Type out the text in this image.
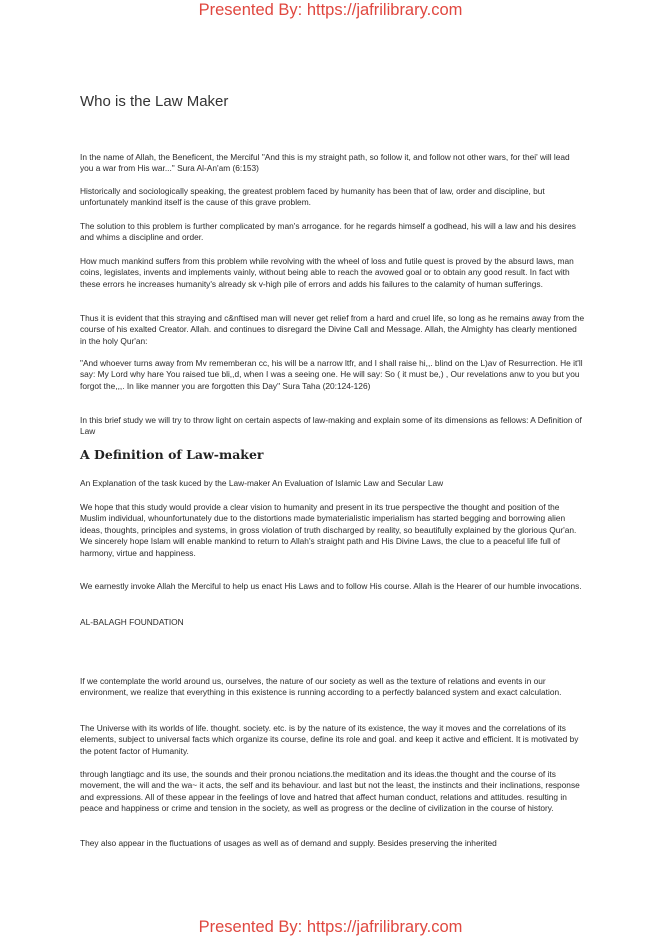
Presented By: https://jafrilibrary.com
Who is the Law Maker

In the name of Allah, the Beneficent, the Merciful "And this is my straight path, so follow it, and follow not other wars, for thei' will lead you a war from His war..." Sura Al-An'am (6:153)

Historically and sociologically speaking, the greatest problem faced by humanity has been that of law, order and discipline, but unfortunately mankind itself is the cause of this grave problem.

The solution to this problem is further complicated by man's arrogance. for he regards himself a godhead, his will a law and his desires and whims a discipline and order.

How much mankind suffers from this problem while revolving with the wheel of loss and futile quest is proved by the absurd laws, man coins, legislates, invents and implements vainly, without being able to reach the avowed goal or to obtain any good result. In fact with these errors he increases humanity's already sk v-high pile of errors and adds his failures to the calamity of human sufferings.

Thus it is evident that this straying and c&nftised man will never get relief from a hard and cruel life, so long as he remains away from the course of his exalted Creator. Allah. and continues to disregard the Divine Call and Message. Allah, the Almighty has clearly mentioned in the holy Qur'an:

"And whoever turns away from Mv rememberan cc, his will be a narrow ltfr, and I shall raise hi,,. blind on the L)av of Resurrection. He it'll say: My Lord why hare You raised tue bli,,d, when I was a seeing one. He will say: So ( it must be,) , Our revelations anw to you but you forgot the,,,. In like manner you are forgotten this Day" Sura Taha (20:124-126)

In this brief study we will try to throw light on certain aspects of law-making and explain some of its dimensions as fellows: A Definition of Law

A Definition of Law-maker

An Explanation of the task kuced by the Law-maker An Evaluation of Islamic Law and Secular Law

We hope that this study would provide a clear vision to humanity and present in its true perspective the thought and position of the Muslim individual, whounfortunately due to the distortions made bymaterialistic imperialism has started begging and borrowing alien ideas, thoughts, principles and systems, in gross violation of truth discharged by reality, so beautifully explained by the glorious Qur'an. We sincerely hope Islam will enable mankind to return to Allah's straight path and His Divine Laws, the clue to a peaceful life full of harmony, virtue and happiness.

We earnestly invoke Allah the Merciful to help us enact His Laws and to follow His course. Allah is the Hearer of our humble invocations.

AL-BALAGH FOUNDATION

If we contemplate the world around us, ourselves, the nature of our society as well as the texture of relations and events in our environment, we realize that everything in this existence is running according to a perfectly balanced system and exact calculation.

The Universe with its worlds of life. thought. society. etc. is by the nature of its existence, the way it moves and the correlations of its elements, subject to universal facts which organize its course, define its role and goal. and keep it active and efficient. It is motivated by the potent factor of Humanity.

through langtiagc and its use, the sounds and their pronou nciations.the meditation and its ideas.the thought and the course of its movement, the will and the wa~ it acts, the self and its behaviour. and last but not the least, the instincts and their inclinations, response and expressions. All of these appear in the feelings of love and hatred that affect human conduct, relations and attitudes. resulting in peace and happiness or crime and tension in the society, as well as progress or the decline of civilization in the course of history.

They also appear in the fluctuations of usages as well as of demand and supply. Besides preserving the inherited

Presented By: https://jafrilibrary.com
